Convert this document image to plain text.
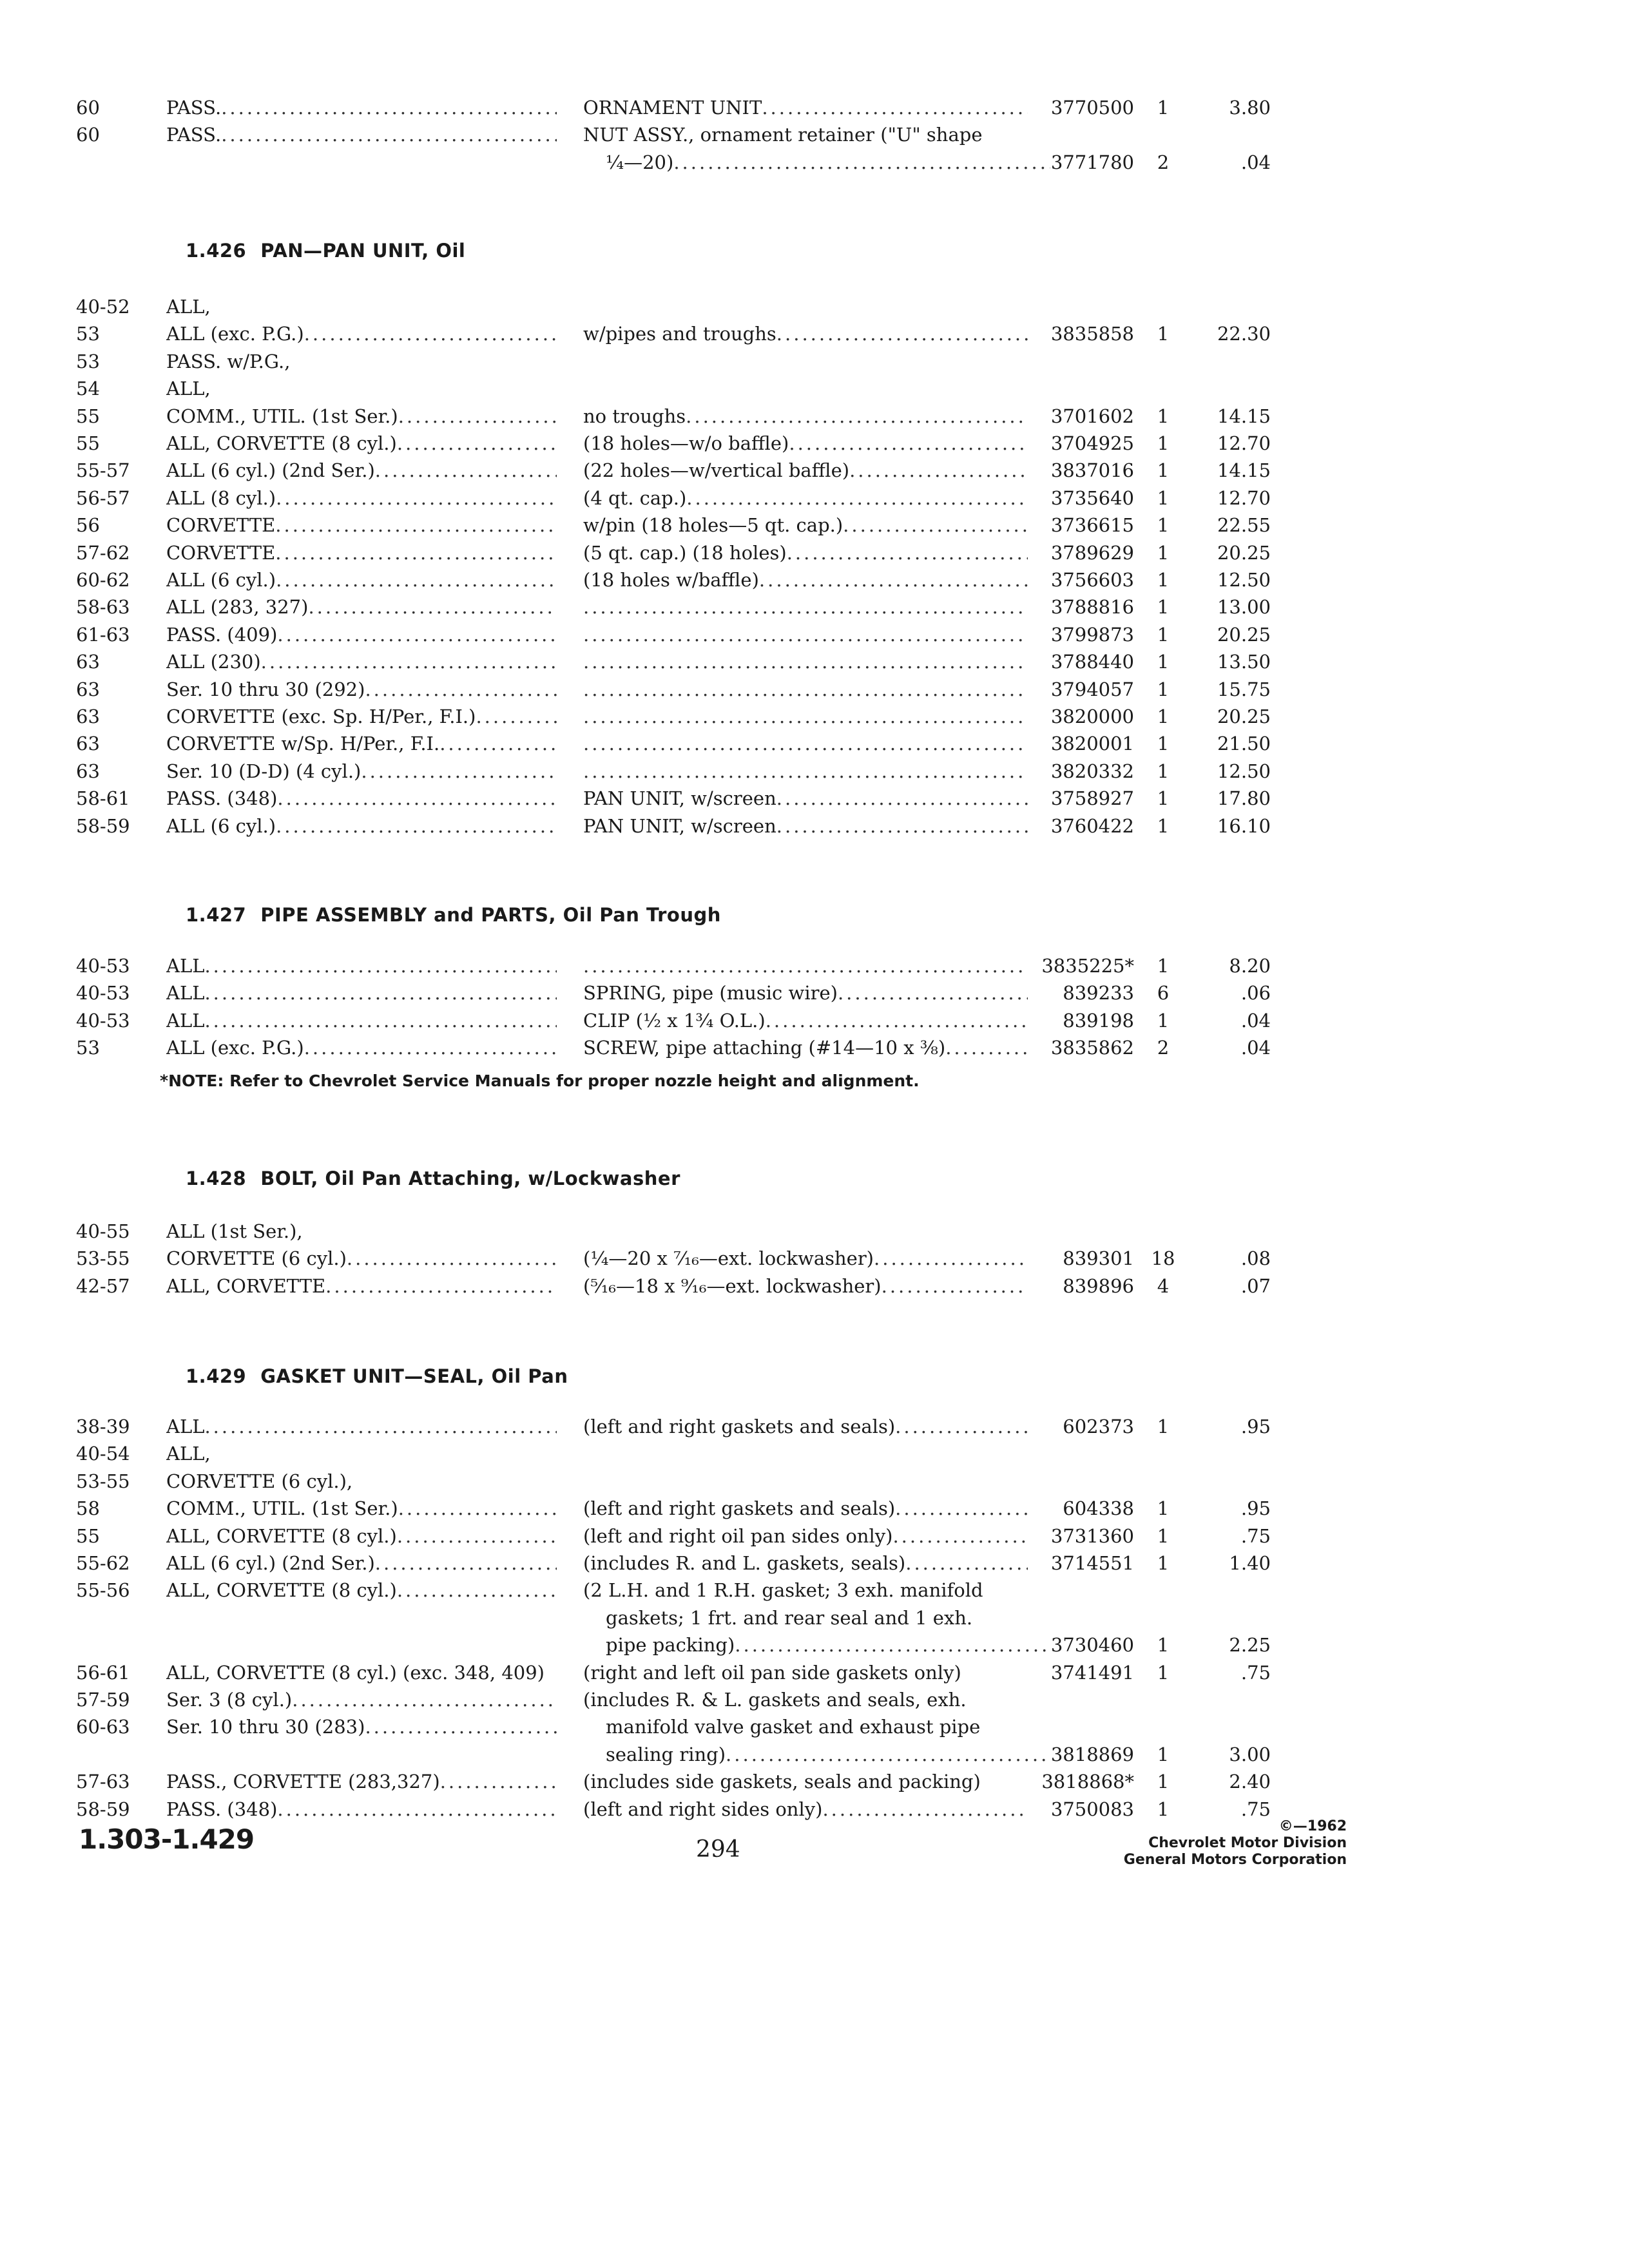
60	PASS. .....	ORNAMENT UNIT .....	3770500	1	3.80
60	PASS. .....	NUT ASSY., ornament retainer ("U" shape
¼—20) .....	3771780	2	.04
1.426 PAN—PAN UNIT, Oil
40-52	ALL,
53	ALL (exc. P.G.) .....	w/pipes and troughs .....	3835858	1	22.30
53	PASS. w/P.G.,
54	ALL,
55	COMM., UTIL. (1st Ser.) .....	no troughs .....	3701602	1	14.15
55	ALL, CORVETTE (8 cyl.) .....	(18 holes—w/o baffle) .....	3704925	1	12.70
55-57	ALL (6 cyl.) (2nd Ser.) .....	(22 holes—w/vertical baffle) .....	3837016	1	14.15
56-57	ALL (8 cyl.) .....	(4 qt. cap.) .....	3735640	1	12.70
56	CORVETTE .....	w/pin (18 holes—5 qt. cap.) .....	3736615	1	22.55
57-62	CORVETTE .....	(5 qt. cap.) (18 holes) .....	3789629	1	20.25
60-62	ALL (6 cyl.) .....	(18 holes w/baffle) .....	3756603	1	12.50
58-63	ALL (283, 327) ..... .....	3788816	1	13.00
61-63	PASS. (409) ..... .....	3799873	1	20.25
63	ALL (230) ..... .....	3788440	1	13.50
63	Ser. 10 thru 30 (292) ..... .....	3794057	1	15.75
63	CORVETTE (exc. Sp. H/Per., F.I.) ..... .....	3820000	1	20.25
63	CORVETTE w/Sp. H/Per., F.I. ..... .....	3820001	1	21.50
63	Ser. 10 (D-D) (4 cyl.) ..... .....	3820332	1	12.50
58-61	PASS. (348) .....	PAN UNIT, w/screen .....	3758927	1	17.80
58-59	ALL (6 cyl.) .....	PAN UNIT, w/screen .....	3760422	1	16.10
1.427 PIPE ASSEMBLY and PARTS, Oil Pan Trough
40-53	ALL ..... .....	3835225*	1	8.20
40-53	ALL .....	SPRING, pipe (music wire) .....	839233	6	.06
40-53	ALL .....	CLIP (½ x 1¾ O.L.) .....	839198	1	.04
53	ALL (exc. P.G.) .....	SCREW, pipe attaching (#14—10 x ⅜) .....	3835862	2	.04
*NOTE: Refer to Chevrolet Service Manuals for proper nozzle height and alignment.
1.428 BOLT, Oil Pan Attaching, w/Lockwasher
40-55	ALL (1st Ser.),
53-55	CORVETTE (6 cyl.) .....	(¼—20 x ⁷⁄₁₆—ext. lockwasher) .....	839301 18	.08
42-57	ALL, CORVETTE .....	(⁵⁄₁₆—18 x ⁹⁄₁₆—ext. lockwasher) .....	839896	4	.07
1.429 GASKET UNIT—SEAL, Oil Pan
38-39	ALL .....	(left and right gaskets and seals) .....	602373	1	.95
40-54	ALL,
53-55	CORVETTE (6 cyl.),
58	COMM., UTIL. (1st Ser.) .....	(left and right gaskets and seals) .....	604338	1	.95
55	ALL, CORVETTE (8 cyl.) .....	(left and right oil pan sides only) .....	3731360	1	.75
55-62	ALL (6 cyl.) (2nd Ser.) .....	(includes R. and L. gaskets, seals) .....	3714551	1	1.40
55-56	ALL, CORVETTE (8 cyl.) .....	(2 L.H. and 1 R.H. gasket; 3 exh. manifold
gaskets; 1 frt. and rear seal and 1 exh.
pipe packing) .....	3730460	1	2.25
56-61	ALL, CORVETTE (8 cyl.) (exc. 348, 409)	(right and left oil pan side gaskets only)	3741491	1	.75
57-59	Ser. 3 (8 cyl.) .....	(includes R. & L. gaskets and seals, exh.
60-63	Ser. 10 thru 30 (283) .....	manifold valve gasket and exhaust pipe
sealing ring) .....	3818869	1	3.00
57-63	PASS., CORVETTE (283,327) .....	(includes side gaskets, seals and packing)	3818868*	1	2.40
58-59	PASS. (348) .....	(left and right sides only) .....	3750083	1	.75
1.303-1.429	294
©—1962
Chevrolet Motor Division
General Motors Corporation
